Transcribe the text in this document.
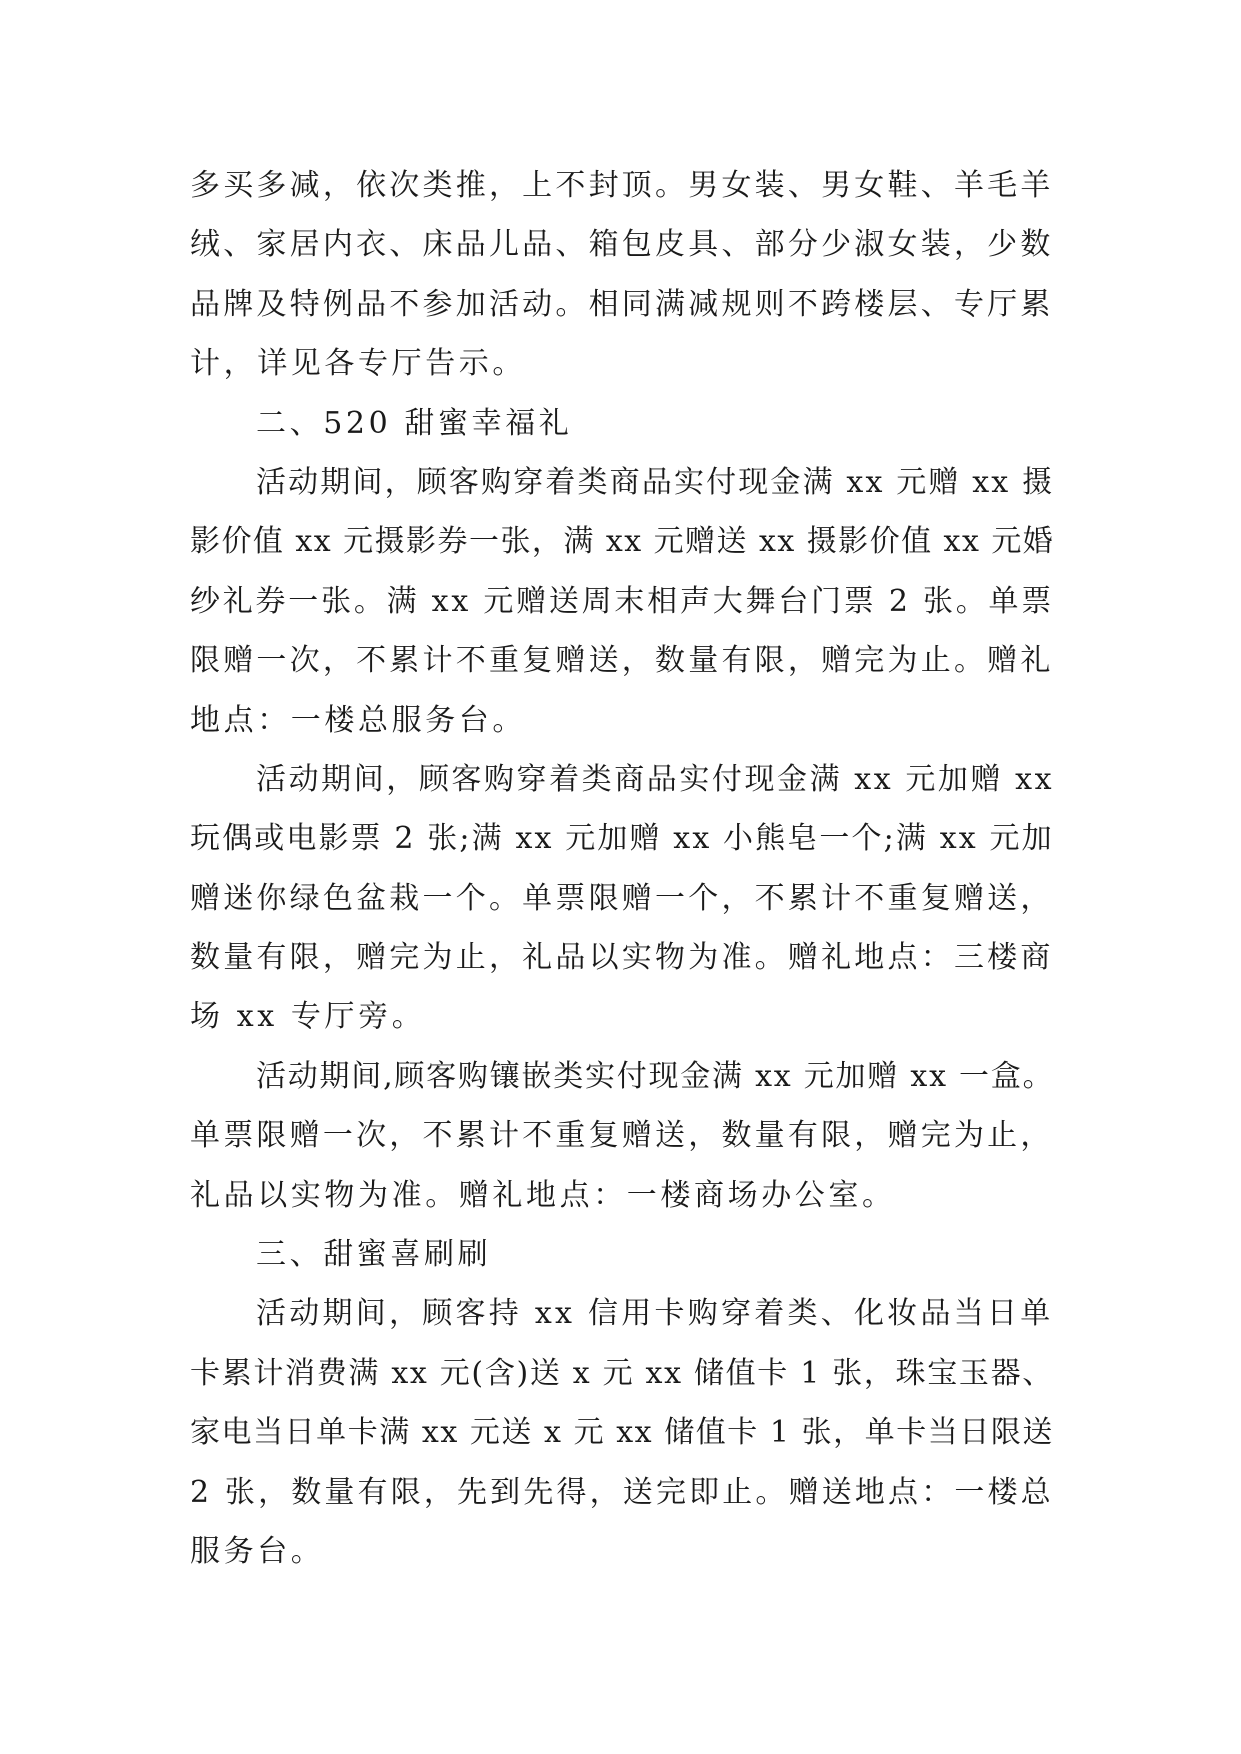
多买多减，依次类推，上不封顶。男女装、男女鞋、羊毛羊
绒、家居内衣、床品儿品、箱包皮具、部分少淑女装，少数
品牌及特例品不参加活动。相同满减规则不跨楼层、专厅累
计，详见各专厅告示。
二、520 甜蜜幸福礼
活动期间，顾客购穿着类商品实付现金满 xx 元赠 xx 摄
影价值 xx 元摄影券一张，满 xx 元赠送 xx 摄影价值 xx 元婚
纱礼券一张。满 xx 元赠送周末相声大舞台门票 2 张。单票
限赠一次，不累计不重复赠送，数量有限，赠完为止。赠礼
地点：一楼总服务台。
活动期间，顾客购穿着类商品实付现金满 xx 元加赠 xx
玩偶或电影票 2 张;满 xx 元加赠 xx 小熊皂一个;满 xx 元加
赠迷你绿色盆栽一个。单票限赠一个，不累计不重复赠送，
数量有限，赠完为止，礼品以实物为准。赠礼地点：三楼商
场 xx 专厅旁。
活动期间,顾客购镶嵌类实付现金满 xx 元加赠 xx 一盒。
单票限赠一次，不累计不重复赠送，数量有限，赠完为止，
礼品以实物为准。赠礼地点：一楼商场办公室。
三、甜蜜喜刷刷
活动期间，顾客持 xx 信用卡购穿着类、化妆品当日单
卡累计消费满 xx 元(含)送 x 元 xx 储值卡 1 张，珠宝玉器、
家电当日单卡满 xx 元送 x 元 xx 储值卡 1 张，单卡当日限送
2 张，数量有限，先到先得，送完即止。赠送地点：一楼总
服务台。
